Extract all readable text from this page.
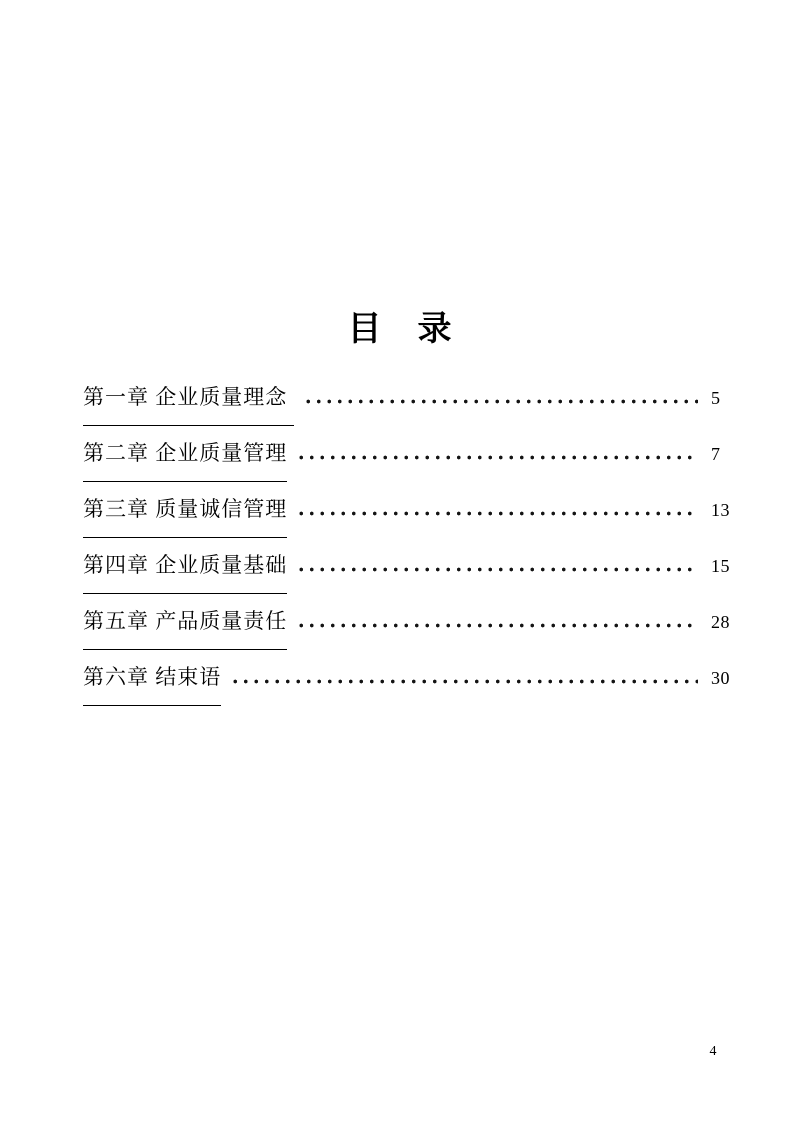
目　录
第一章 企业质量理念	5
第二章 企业质量管理	7
第三章 质量诚信管理	13
第四章 企业质量基础	15
第五章 产品质量责任	28
第六章 结束语	30
4
